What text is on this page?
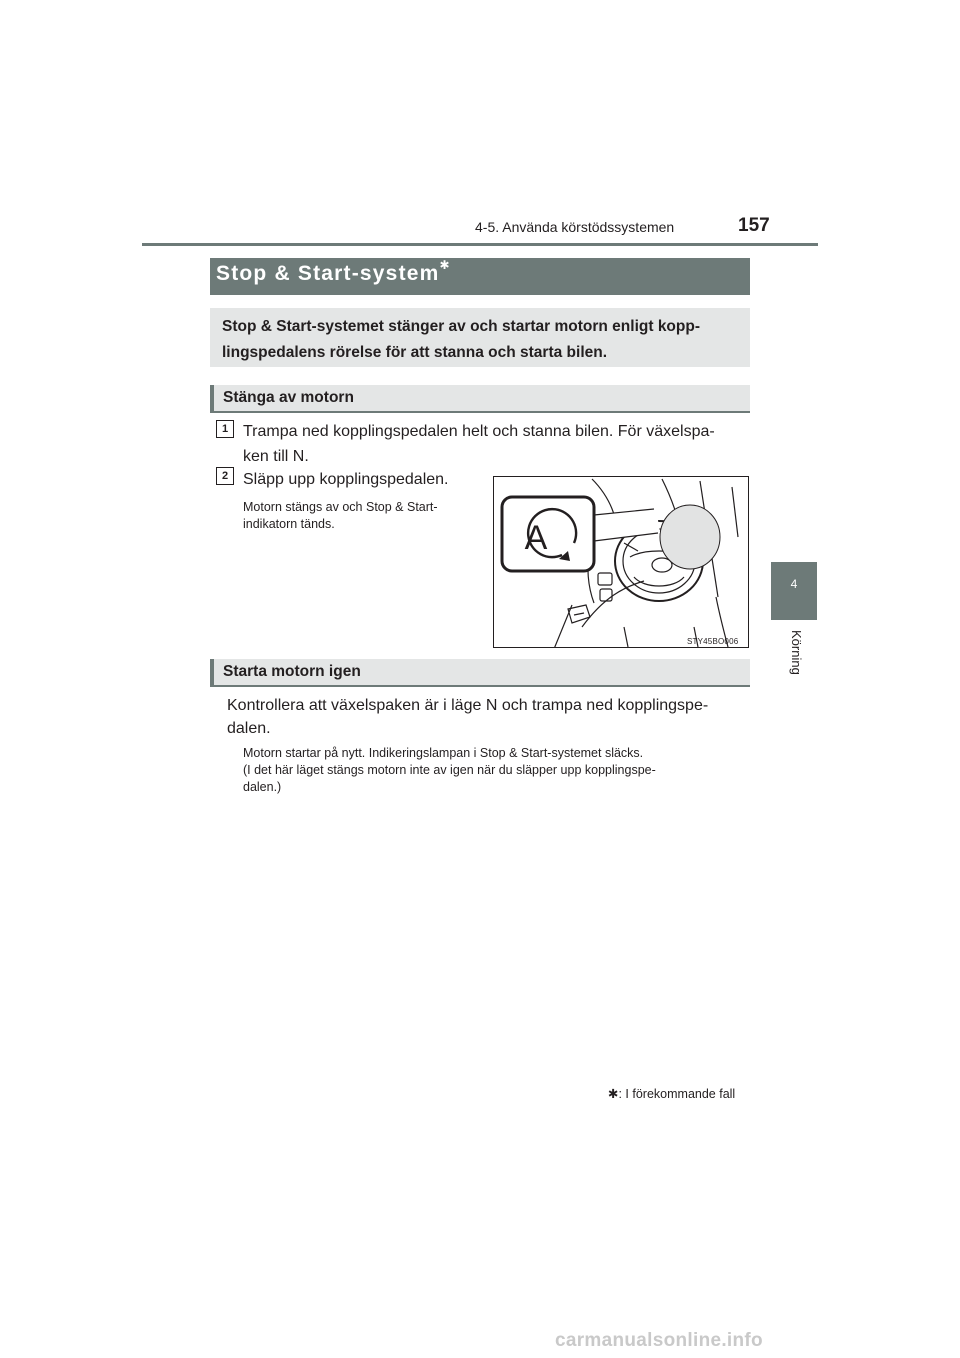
4-5. Använda körstödssystemen	157
4
Körning
Stop & Start-system✱
Stop & Start-systemet stänger av och startar motorn enligt kopp-lingspedalens rörelse för att stanna och starta bilen.
Stänga av motorn
1 Trampa ned kopplingspedalen helt och stanna bilen. För växelspa-
ken till N.
2 Släpp upp kopplingspedalen.
Motorn stängs av och Stop & Start-
indikatorn tänds.	A
STY45BO006
Starta motorn igen
Kontrollera att växelspaken är i läge N och trampa ned kopplingspe-
dalen.
Motorn startar på nytt. Indikeringslampan i Stop & Start-systemet släcks.
(I det här läget stängs motorn inte av igen när du släpper upp kopplingspe-
dalen.)
✱: I förekommande fall
carmanualsonline.info
